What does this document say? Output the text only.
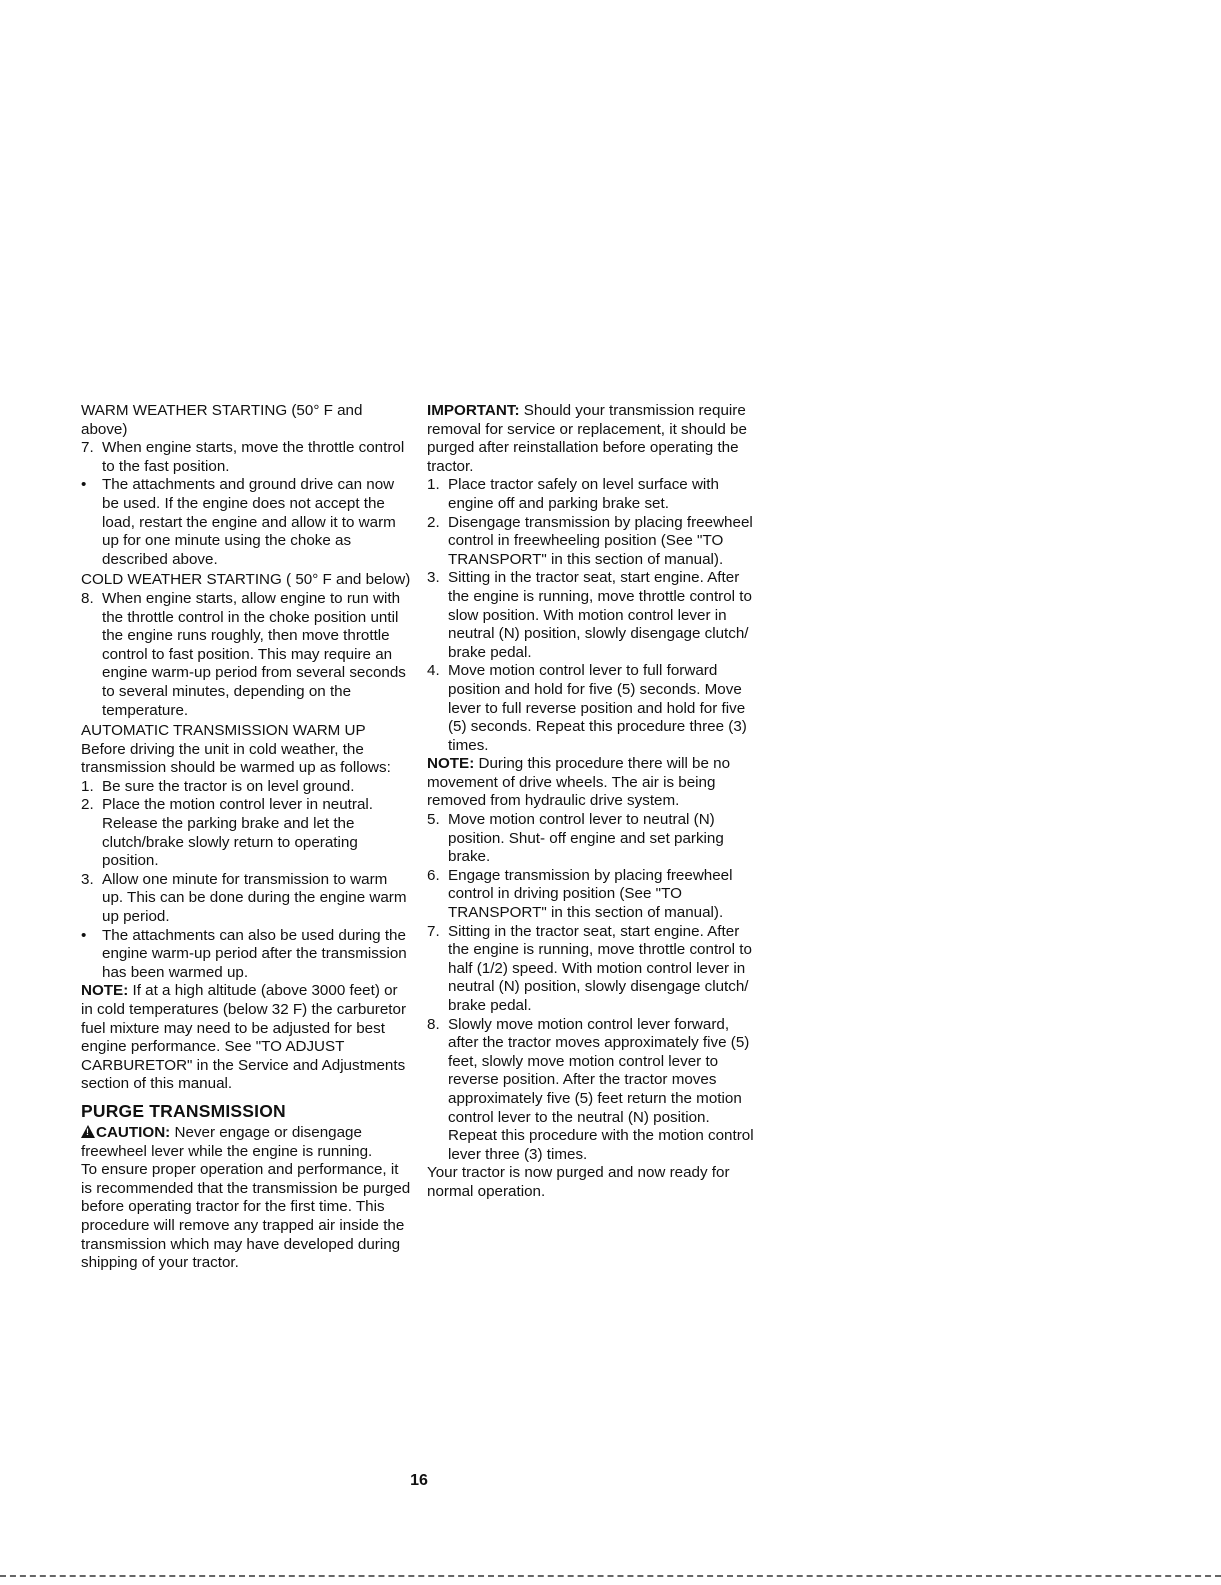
WARM WEATHER STARTING (50° F and above)

7. When engine starts, move the throttle control to the fast position.

• The attachments and ground drive can now be used. If the engine does not accept the load, restart the engine and allow it to warm up for one minute using the choke as described above.

COLD WEATHER STARTING ( 50° F and below)

8. When engine starts, allow engine to run with the throttle control in the choke position until the engine runs roughly, then move throttle control to fast position. This may require an engine warm-up period from several seconds to several minutes, depending on the temperature.

AUTOMATIC TRANSMISSION WARM UP

Before driving the unit in cold weather, the transmission should be warmed up as follows:

1. Be sure the tractor is on level ground.

2. Place the motion control lever in neutral. Release the parking brake and let the clutch/brake slowly return to operating position.

3. Allow one minute for transmission to warm up. This can be done during the engine warm up period.

• The attachments can also be used during the engine warm-up period after the transmission has been warmed up.

NOTE: If at a high altitude (above 3000 feet) or in cold temperatures (below 32 F) the carburetor fuel mixture may need to be adjusted for best engine performance. See "TO ADJUST CARBURETOR" in the Service and Adjustments section of this manual.

PURGE TRANSMISSION

!CAUTION: Never engage or disengage freewheel lever while the engine is running.

To ensure proper operation and performance, it is recommended that the transmission be purged before operating tractor for the first time. This procedure will remove any trapped air inside the transmission which may have developed during shipping of your tractor.

IMPORTANT: Should your transmission require removal for service or replacement, it should be purged after reinstallation before operating the tractor.

1. Place tractor safely on level surface with engine off and parking brake set.

2. Disengage transmission by placing freewheel control in freewheeling position (See "TO TRANSPORT" in this section of manual).

3. Sitting in the tractor seat, start engine. After the engine is running, move throttle control to slow position. With motion control lever in neutral (N) position, slowly disengage clutch/ brake pedal.

4. Move motion control lever to full forward position and hold for five (5) seconds. Move lever to full reverse position and hold for five (5) seconds. Repeat this procedure three (3) times.

NOTE: During this procedure there will be no movement of drive wheels. The air is being removed from hydraulic drive system.

5. Move motion control lever to neutral (N) position. Shut- off engine and set parking brake.

6. Engage transmission by placing freewheel control in driving position (See "TO TRANSPORT" in this section of manual).

7. Sitting in the tractor seat, start engine. After the engine is running, move throttle control to half (1/2) speed. With motion control lever in neutral (N) position, slowly disengage clutch/ brake pedal.

8. Slowly move motion control lever forward, after the tractor moves approximately five (5) feet, slowly move motion control lever to reverse position. After the tractor moves approximately five (5) feet return the motion control lever to the neutral (N) position. Repeat this procedure with the motion control lever three (3) times.

Your tractor is now purged and now ready for normal operation.

16
